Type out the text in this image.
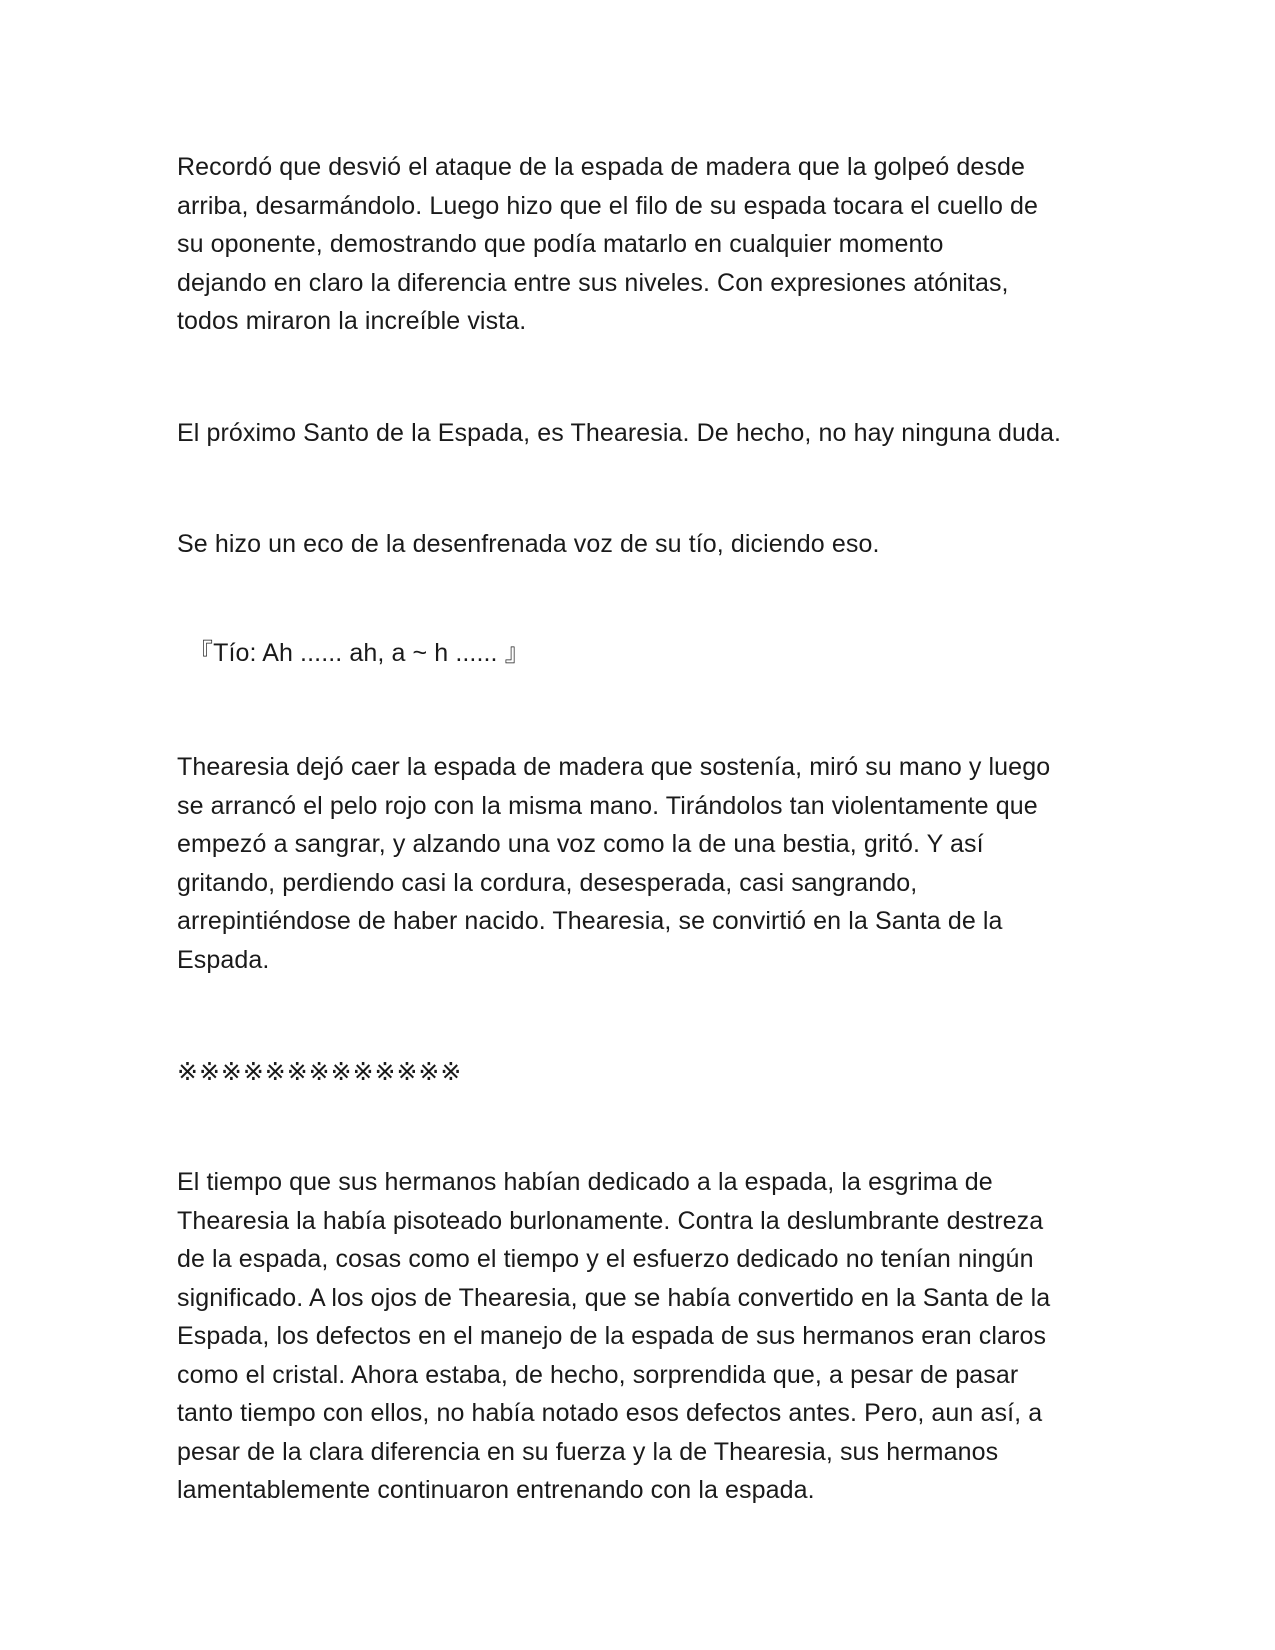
Recordó que desvió el ataque de la espada de madera que la golpeó desde
arriba, desarmándolo. Luego hizo que el filo de su espada tocara el cuello de
su oponente, demostrando que podía matarlo en cualquier momento
dejando en claro la diferencia entre sus niveles. Con expresiones atónitas,
todos miraron la increíble vista.

El próximo Santo de la Espada, es Thearesia. De hecho, no hay ninguna duda.

Se hizo un eco de la desenfrenada voz de su tío, diciendo eso.

『Tío: Ah ...... ah, a ~ h ...... 』

Thearesia dejó caer la espada de madera que sostenía, miró su mano y luego
se arrancó el pelo rojo con la misma mano. Tirándolos tan violentamente que
empezó a sangrar, y alzando una voz como la de una bestia, gritó. Y así
gritando, perdiendo casi la cordura, desesperada, casi sangrando,
arrepintiéndose de haber nacido. Thearesia, se convirtió en la Santa de la
Espada.

※※※※※※※※※※※※※

El tiempo que sus hermanos habían dedicado a la espada, la esgrima de
Thearesia la había pisoteado burlonamente. Contra la deslumbrante destreza
de la espada, cosas como el tiempo y el esfuerzo dedicado no tenían ningún
significado. A los ojos de Thearesia, que se había convertido en la Santa de la
Espada, los defectos en el manejo de la espada de sus hermanos eran claros
como el cristal. Ahora estaba, de hecho, sorprendida que, a pesar de pasar
tanto tiempo con ellos, no había notado esos defectos antes. Pero, aun así, a
pesar de la clara diferencia en su fuerza y la de Thearesia, sus hermanos
lamentablemente continuaron entrenando con la espada.
